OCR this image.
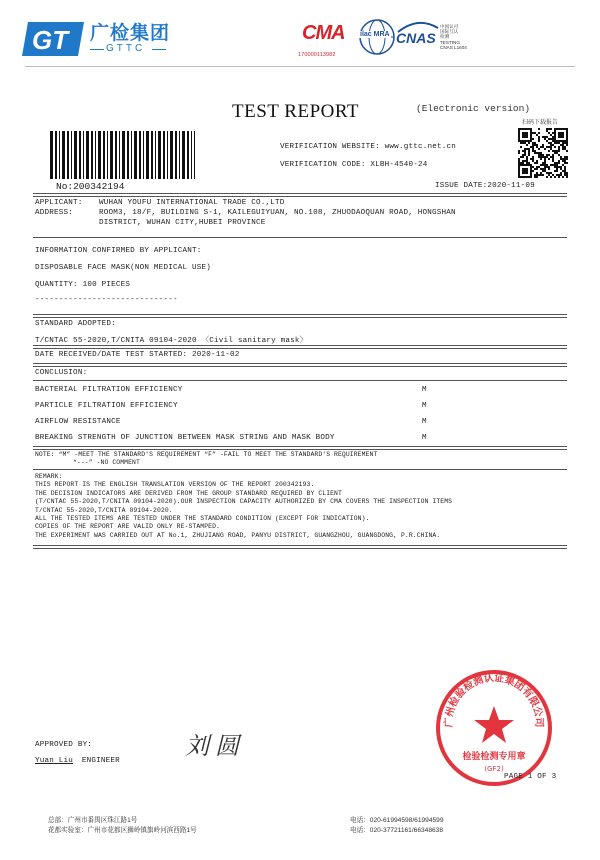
GT 广检集团
GTTC
CMA
170000113982
ilac MRA CNAS
中国认可
国际互认
检测
TESTING
CNAS L1604
TEST REPORT	(Electronic version)
VERIFICATION WEBSITE: www.gttc.net.cn
VERIFICATION CODE: XLBH-4540-24
扫码下载报告
No:200342194	ISSUE DATE:2020-11-09
APPLICANT: WUHAN YOUFU INTERNATIONAL TRADE CO.,LTD
ADDRESS:	ROOM3, 18/F, BUILDING S-1, KAILEGUIYUAN, NO.108, ZHUODAOQUAN ROAD, HONGSHAN
DISTRICT, WUHAN CITY,HUBEI PROVINCE
INFORMATION CONFIRMED BY APPLICANT:
DISPOSABLE FACE MASK(NON MEDICAL USE)
QUANTITY: 100 PIECES
------------------------------
STANDARD ADOPTED:
T/CNTAC 55-2020,T/CNITA 09104-2020 〈Civil sanitary mask〉
DATE RECEIVED/DATE TEST STARTED: 2020-11-02
CONCLUSION:
BACTERIAL FILTRATION EFFICIENCY	M
PARTICLE FILTRATION EFFICIENCY	M
AIRFLOW RESISTANCE	M
BREAKING STRENGTH OF JUNCTION BETWEEN MASK STRING AND MASK BODY	M
NOTE: “M” -MEET THE STANDARD'S REQUIREMENT “F” -FAIL TO MEET THE STANDARD'S REQUIREMENT
“---” -NO COMMENT
REMARK:
THIS REPORT IS THE ENGLISH TRANSLATION VERSION OF THE REPORT 200342193.
THE DECISION INDICATORS ARE DERIVED FROM THE GROUP STANDARD REQUIRED BY CLIENT
(T/CNTAC 55-2020,T/CNITA 09104-2020).OUR INSPECTION CAPACITY AUTHORIZED BY CMA COVERS THE INSPECTION ITEMS
T/CNTAC 55-2020,T/CNITA 09104-2020.
ALL THE TESTED ITEMS ARE TESTED UNDER THE STANDARD CONDITION (EXCEPT FOR INDICATION).
COPIES OF THE REPORT ARE VALID ONLY RE-STAMPED.
THE EXPERIMENT WAS CARRIED OUT AT No.1, ZHUJIANG ROAD, PANYU DISTRICT, GUANGZHOU, GUANGDONG, P.R.CHINA.
APPROVED BY:
Yuan Liu ENGINEER
刘圆
广州检验检测认证集团有限公司
检验检测专用章
(GF2)
PAGE 1 OF 3
总部：广州市番禺区珠江路1号	电话：020-61994598/61994599
花都实验室：广州市花都区狮岭镇旗岭河滨西路1号	电话：020-37721161/66348638
